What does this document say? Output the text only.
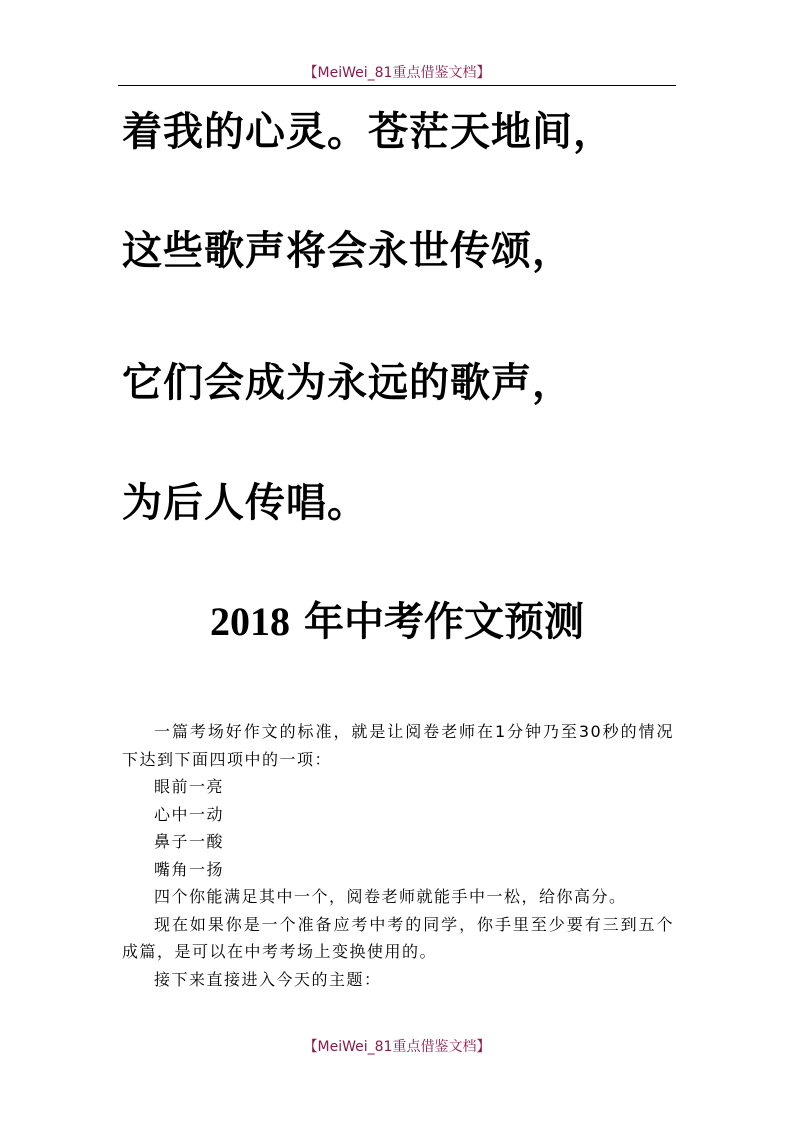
【MeiWei_81重点借鉴文档】
着我的心灵。苍茫天地间，
这些歌声将会永世传颂，
它们会成为永远的歌声，
为后人传唱。
2018 年中考作文预测

一篇考场好作文的标准，就是让阅卷老师在1分钟乃至30秒的情况下达到下面四项中的一项：

眼前一亮

心中一动

鼻子一酸

嘴角一扬

四个你能满足其中一个，阅卷老师就能手中一松，给你高分。

现在如果你是一个准备应考中考的同学，你手里至少要有三到五个成篇，是可以在中考考场上变换使用的。

接下来直接进入今天的主题：

【MeiWei_81重点借鉴文档】
